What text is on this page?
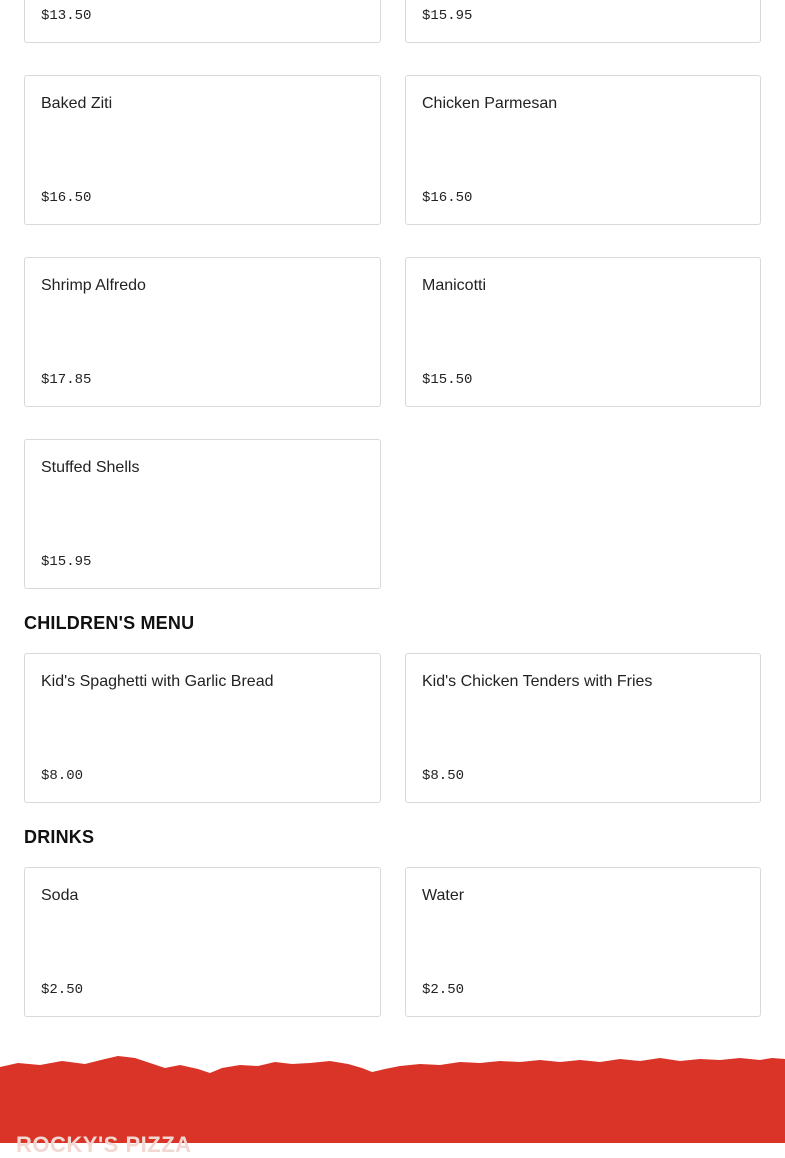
$13.50	$15.95
Baked Ziti
$16.50
Chicken Parmesan
$16.50
Shrimp Alfredo
$17.85
Manicotti
$15.50
Stuffed Shells
$15.95
CHILDREN'S MENU
Kid's Spaghetti with Garlic Bread
$8.00
Kid's Chicken Tenders with Fries
$8.50
DRINKS
Soda
$2.50
Water
$2.50
ROCKY'S PIZZA
